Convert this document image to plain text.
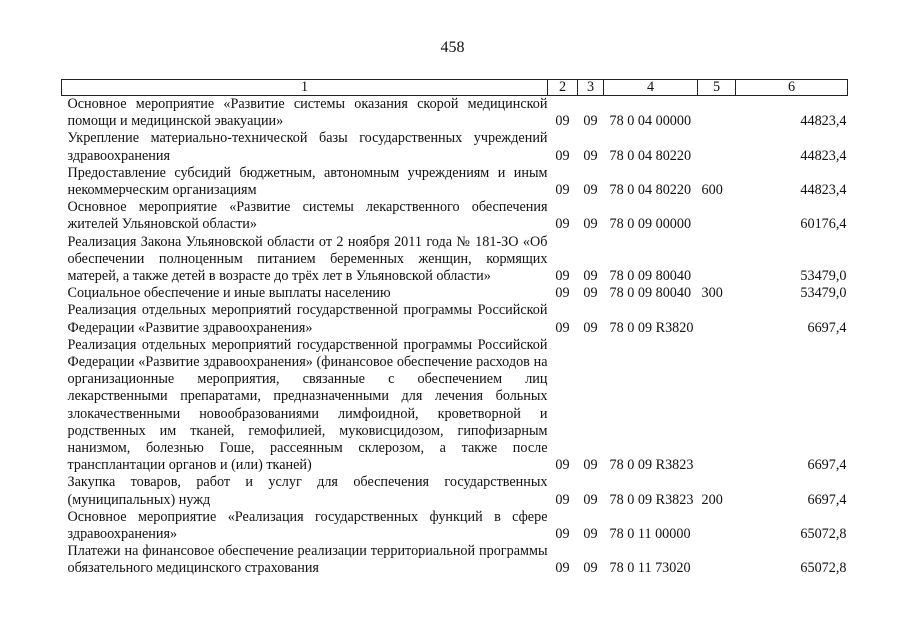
458
1	2	3	4	5	6
Основное мероприятие «Развитие системы оказания скорой медицинской помощи и медицинской эвакуации»	09	09	78 0 04 00000		44823,4
Укрепление материально-технической базы государственных учреждений здравоохранения	09	09	78 0 04 80220		44823,4
Предоставление субсидий бюджетным, автономным учреждениям и иным некоммерческим организациям	09	09	78 0 04 80220	600	44823,4
Основное мероприятие «Развитие системы лекарственного обеспечения жителей Ульяновской области»	09	09	78 0 09 00000		60176,4
Реализация Закона Ульяновской области от 2 ноября 2011 года № 181-ЗО «Об обеспечении полноценным питанием беременных женщин, кормящих матерей, а также детей в возрасте до трёх лет в Ульяновской области»	09	09	78 0 09 80040		53479,0
Социальное обеспечение и иные выплаты населению	09	09	78 0 09 80040	300	53479,0
Реализация отдельных мероприятий государственной программы Российской Федерации «Развитие здравоохранения»	09	09	78 0 09 R3820		6697,4
Реализация отдельных мероприятий государственной программы Российской Федерации «Развитие здравоохранения» (финансовое обеспечение расходов на организационные мероприятия, связанные с обеспечением лиц лекарственными препаратами, предназначенными для лечения больных злокачественными новообразованиями лимфоидной, кроветворной и родственных им тканей, гемофилией, муковисцидозом, гипофизарным нанизмом, болезнью Гоше, рассеянным склерозом, а также после трансплантации органов и (или) тканей)	09	09	78 0 09 R3823		6697,4
Закупка товаров, работ и услуг для обеспечения государственных (муниципальных) нужд	09	09	78 0 09 R3823	200	6697,4
Основное мероприятие «Реализация государственных функций в сфере здравоохранения»	09	09	78 0 11 00000		65072,8
Платежи на финансовое обеспечение реализации территориальной программы обязательного медицинского страхования	09	09	78 0 11 73020		65072,8
